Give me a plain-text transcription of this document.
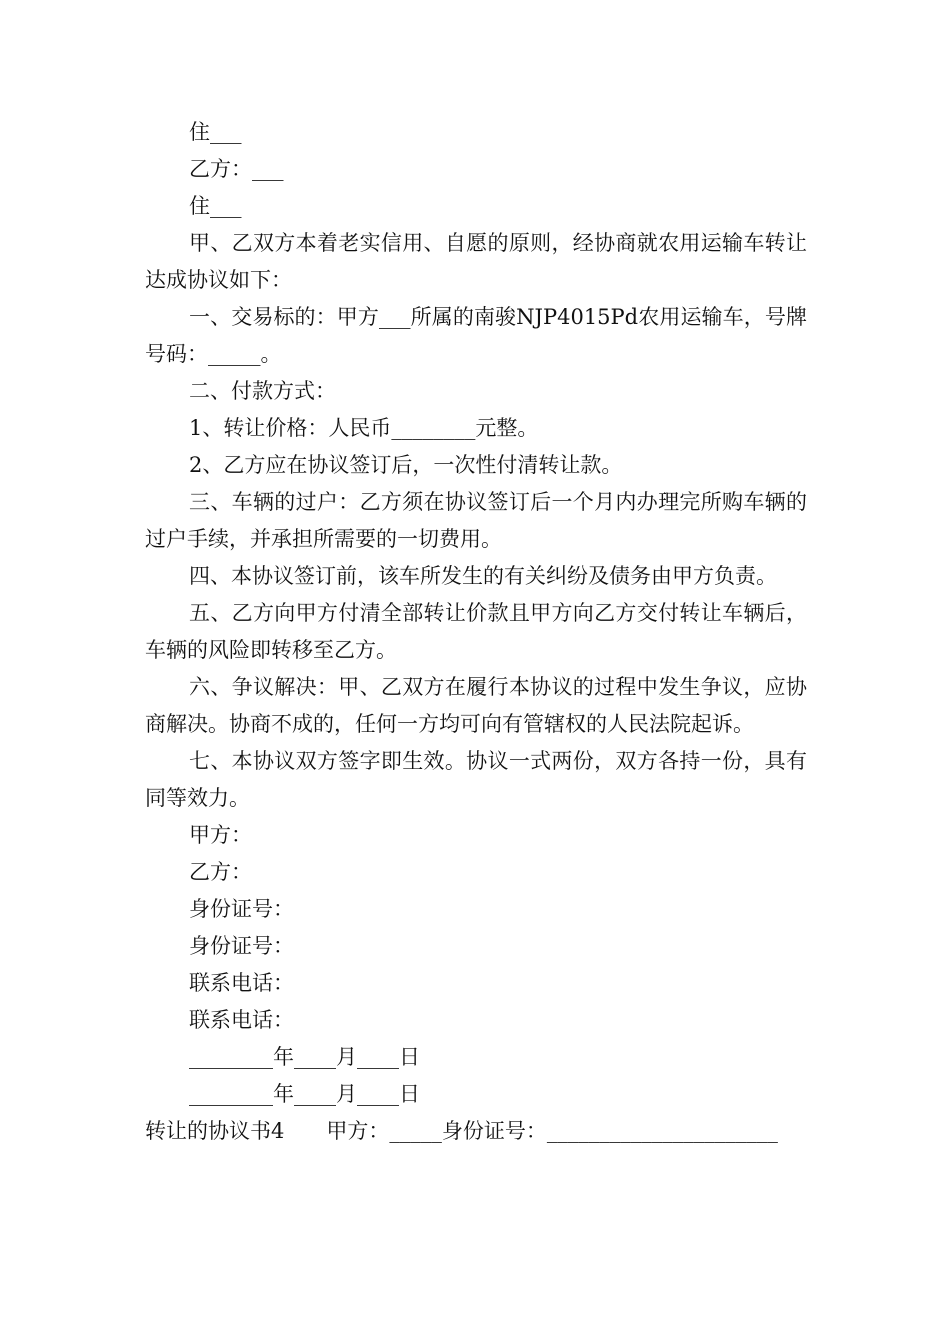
住___

乙方：___

住___

甲、乙双方本着老实信用、自愿的原则，经协商就农用运输车转让达成协议如下：

一、交易标的：甲方___所属的南骏NJP4015Pd农用运输车，号牌号码：_____。

二、付款方式：

1、转让价格：人民币________元整。

2、乙方应在协议签订后，一次性付清转让款。

三、车辆的过户：乙方须在协议签订后一个月内办理完所购车辆的过户手续，并承担所需要的一切费用。

四、本协议签订前，该车所发生的有关纠纷及债务由甲方负责。

五、乙方向甲方付清全部转让价款且甲方向乙方交付转让车辆后，车辆的风险即转移至乙方。

六、争议解决：甲、乙双方在履行本协议的过程中发生争议，应协商解决。协商不成的，任何一方均可向有管辖权的人民法院起诉。

七、本协议双方签字即生效。协议一式两份，双方各持一份，具有同等效力。

甲方：

乙方：

身份证号：

身份证号：

联系电话：

联系电话：

________年____月____日

________年____月____日

转让的协议书4　　甲方：_____身份证号：______________________
